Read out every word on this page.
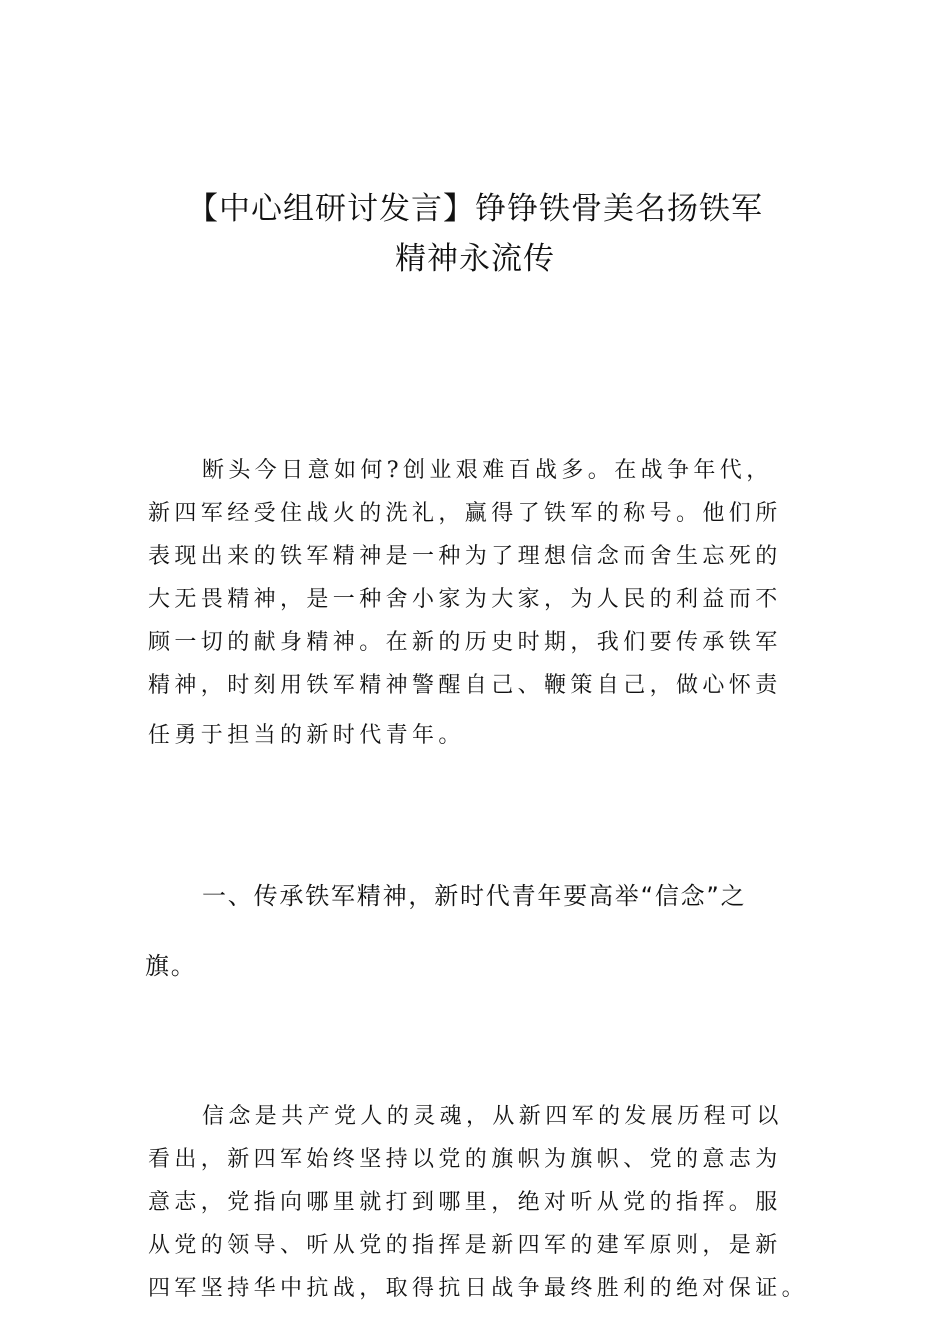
【中心组研讨发言】铮铮铁骨美名扬铁军
精神永流传
断头今日意如何?创业艰难百战多。在战争年代，
新四军经受住战火的洗礼，赢得了铁军的称号。他们所
表现出来的铁军精神是一种为了理想信念而舍生忘死的
大无畏精神，是一种舍小家为大家，为人民的利益而不
顾一切的献身精神。在新的历史时期，我们要传承铁军
精神，时刻用铁军精神警醒自己、鞭策自己，做心怀责
任勇于担当的新时代青年。
一、传承铁军精神，新时代青年要高举“信念”之
旗。
信念是共产党人的灵魂，从新四军的发展历程可以
看出，新四军始终坚持以党的旗帜为旗帜、党的意志为
意志，党指向哪里就打到哪里，绝对听从党的指挥。服
从党的领导、听从党的指挥是新四军的建军原则，是新
四军坚持华中抗战，取得抗日战争最终胜利的绝对保证。
